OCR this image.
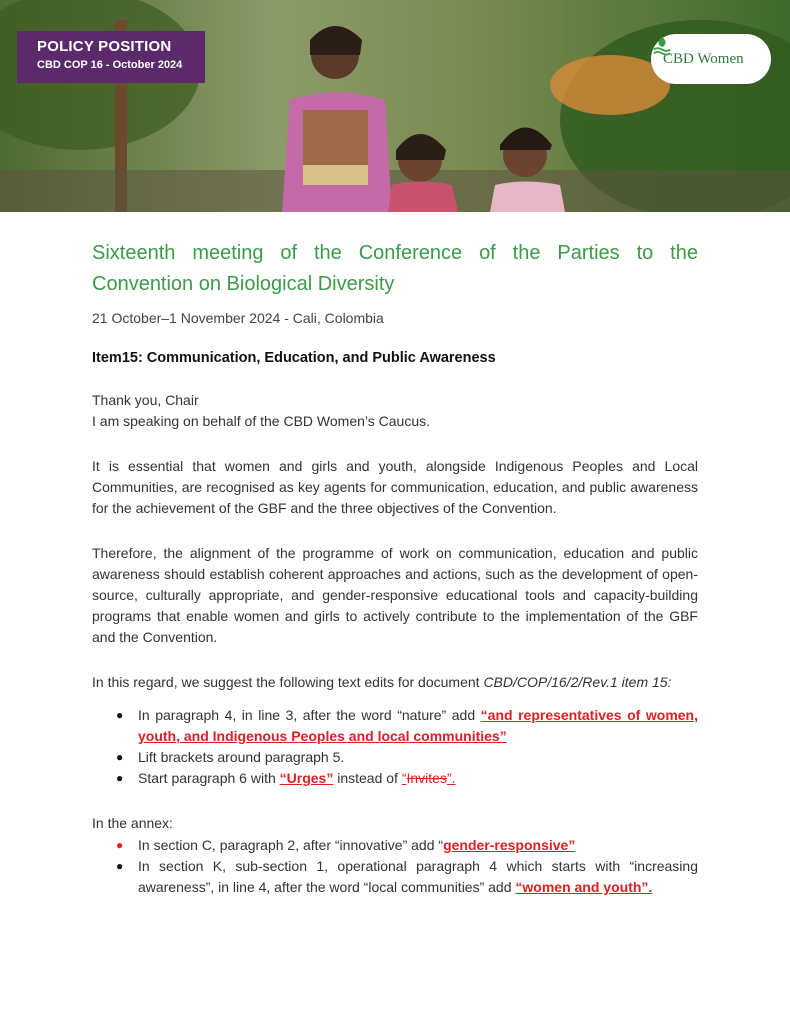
POLICY POSITION
CBD COP 16 - October 2024	CBD Women
Sixteenth meeting of the Conference of the Parties to the Convention on Biological Diversity
21 October–1 November 2024 - Cali, Colombia
Item15: Communication, Education, and Public Awareness
Thank you, Chair
I am speaking on behalf of the CBD Women’s Caucus.
It is essential that women and girls and youth, alongside Indigenous Peoples and Local Communities, are recognised as key agents for communication, education, and public awareness for the achievement of the GBF and the three objectives of the Convention.
Therefore, the alignment of the programme of work on communication, education and public awareness should establish coherent approaches and actions, such as the development of open-source, culturally appropriate, and gender-responsive educational tools and capacity-building programs that enable women and girls to actively contribute to the implementation of the GBF and the Convention.
In this regard, we suggest the following text edits for document CBD/COP/16/2/Rev.1 item 15:
● In paragraph 4, in line 3, after the word “nature” add “and representatives of women, youth, and Indigenous Peoples and local communities”
● Lift brackets around paragraph 5.
● Start paragraph 6 with “Urges” instead of “Invites”.
In the annex:
● In section C, paragraph 2, after “innovative” add “gender-responsive”
● In section K, sub-section 1, operational paragraph 4 which starts with “increasing awareness”, in line 4, after the word “local communities” add “women and youth”.
